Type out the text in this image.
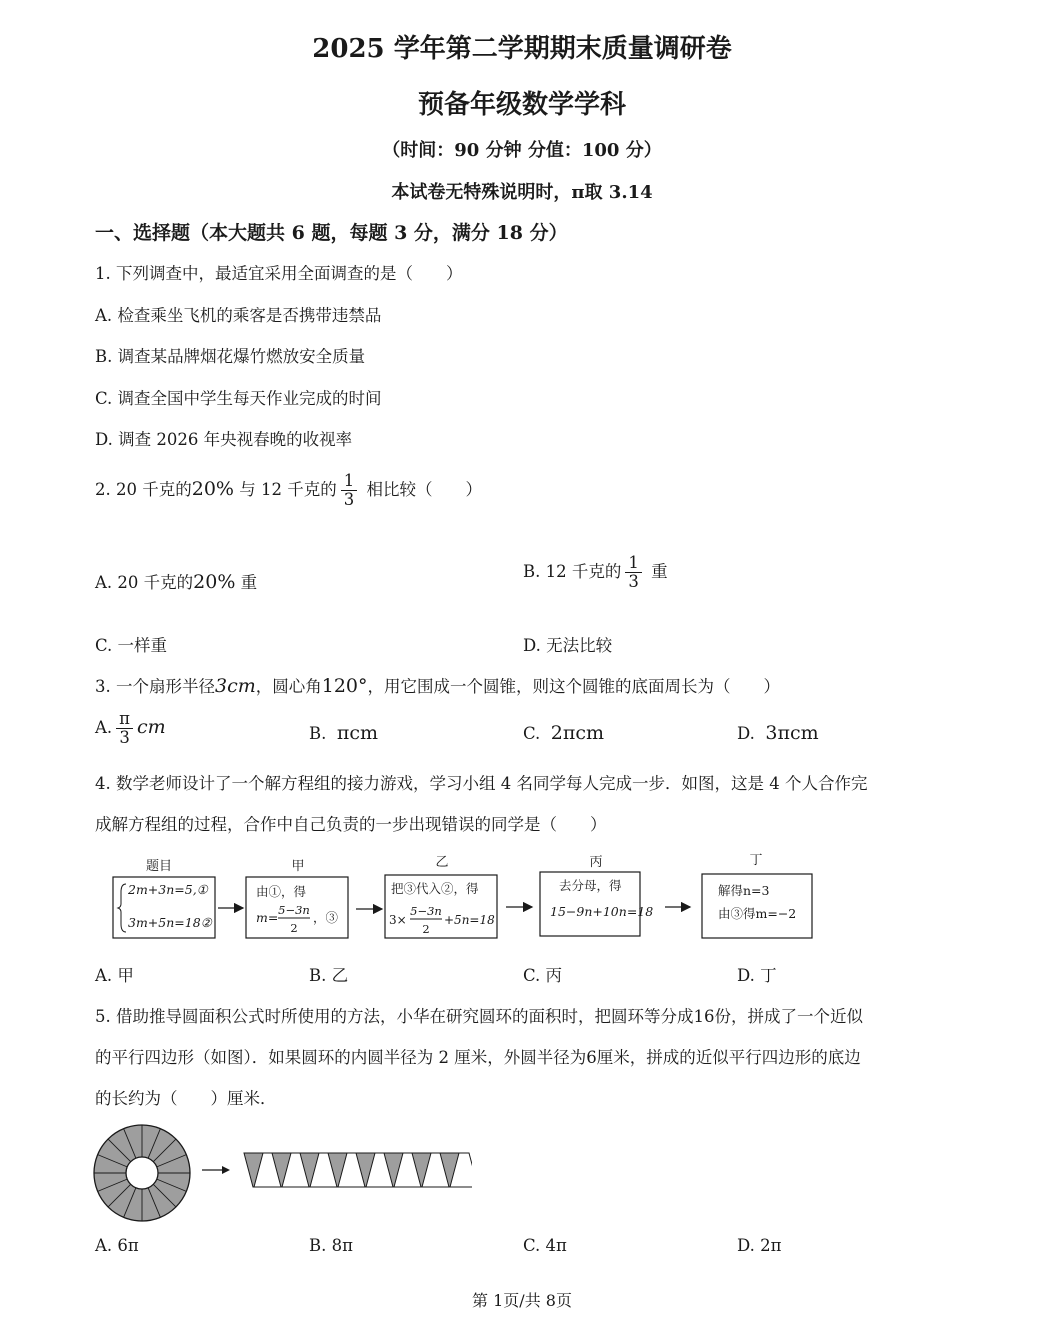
2025 学年第二学期期末质量调研卷
预备年级数学学科
（时间：90 分钟 分值：100 分）
本试卷无特殊说明时，π取 3.14
一、选择题（本大题共 6 题，每题 3 分，满分 18 分）
1. 下列调查中，最适宜采用全面调查的是（　　）
A. 检查乘坐飞机的乘客是否携带违禁品
B. 调查某品牌烟花爆竹燃放安全质量
C. 调查全国中学生每天作业完成的时间
D. 调查 2026 年央视春晚的收视率
2. 20 千克的20% 与 12 千克的 $\frac{1}{3}$ 相比较（　　）
A. 20 千克的20% 重
B. 12 千克的 $\frac{1}{3}$ 重
C. 一样重	D. 无法比较
3. 一个扇形半径3cm，圆心角120°，用它围成一个圆锥，则这个圆锥的底面周长为（　　）
A. $\frac{\pi}{3}$ cm	B. πcm	C. 2πcm	D. 3πcm
4. 数学老师设计了一个解方程组的接力游戏，学习小组 4 名同学每人完成一步．如图，这是 4 个人合作完
成解方程组的过程，合作中自己负责的一步出现错误的同学是（　　）
题目	甲	乙	丙	丁
2m+3n=5,①
3m+5n=18②
由①，得
m= 5−3n
2
，③
把③代入②，得
3×
5−3n
2
+5n=18
去分母，得
15−9n+10n=18
解得n=3
由③得m=−2
A. 甲	B. 乙	C. 丙	D. 丁
5. 借助推导圆面积公式时所使用的方法，小华在研究圆环的面积时，把圆环等分成16份，拼成了一个近似
的平行四边形（如图）．如果圆环的内圆半径为 2 厘米，外圆半径为6厘米，拼成的近似平行四边形的底边
的长约为（　　）厘米．
A. 6π	B. 8π	C. 4π	D. 2π
第 1页/共 8页
